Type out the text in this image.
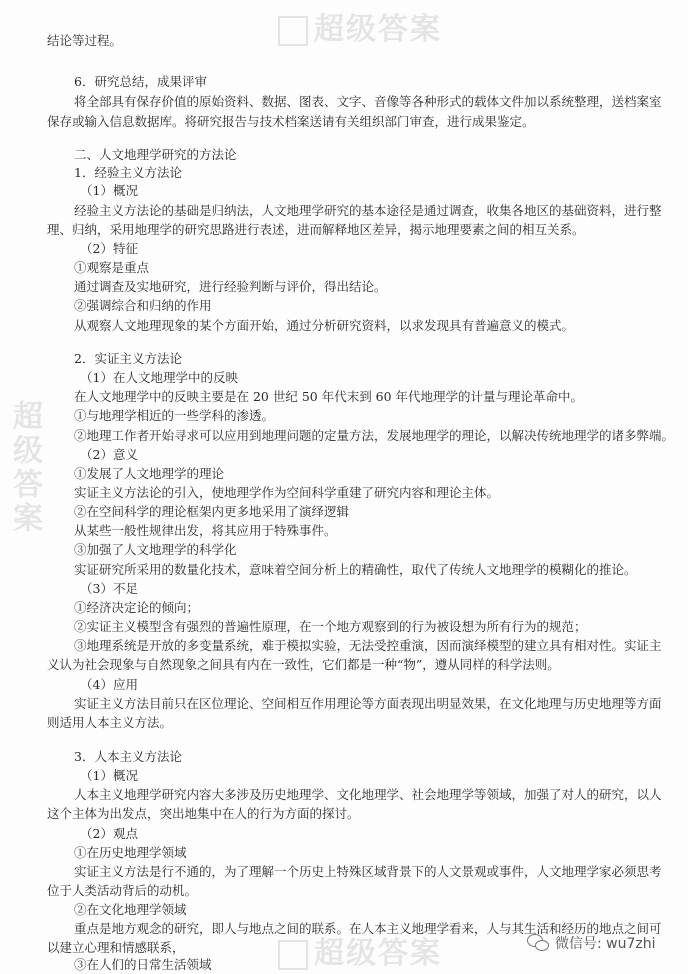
超级答案
超级答案
超级答案
结论等过程。
6．研究总结，成果评审
将全部具有保存价值的原始资料、数据、图表、文字、音像等各种形式的载体文件加以系统整理，送档案室
保存或输入信息数据库。将研究报告与技术档案送请有关组织部门审查，进行成果鉴定。
二、人文地理学研究的方法论
1．经验主义方法论
（1）概况
经验主义方法论的基础是归纳法，人文地理学研究的基本途径是通过调查，收集各地区的基础资料，进行整
理、归纳，采用地理学的研究思路进行表述，进而解释地区差异，揭示地理要素之间的相互关系。
（2）特征
①观察是重点
通过调查及实地研究，进行经验判断与评价，得出结论。
②强调综合和归纳的作用
从观察人文地理现象的某个方面开始，通过分析研究资料，以求发现具有普遍意义的模式。
2．实证主义方法论
（1）在人文地理学中的反映
在人文地理学中的反映主要是在 20 世纪 50 年代末到 60 年代地理学的计量与理论革命中。
①与地理学相近的一些学科的渗透。
②地理工作者开始寻求可以应用到地理问题的定量方法，发展地理学的理论，以解决传统地理学的诸多弊端。
（2）意义
①发展了人文地理学的理论
实证主义方法论的引入，使地理学作为空间科学重建了研究内容和理论主体。
②在空间科学的理论框架内更多地采用了演绎逻辑
从某些一般性规律出发，将其应用于特殊事件。
③加强了人文地理学的科学化
实证研究所采用的数量化技术，意味着空间分析上的精确性，取代了传统人文地理学的模糊化的推论。
（3）不足
①经济决定论的倾向；
②实证主义模型含有强烈的普遍性原理，在一个地方观察到的行为被设想为所有行为的规范；
③地理系统是开放的多变量系统，难于模拟实验，无法受控重演，因而演绎模型的建立具有相对性。实证主
义认为社会现象与自然现象之间具有内在一致性，它们都是一种“物”，遵从同样的科学法则。
（4）应用
实证主义方法目前只在区位理论、空间相互作用理论等方面表现出明显效果，在文化地理与历史地理等方面
则适用人本主义方法。
3．人本主义方法论
（1）概况
人本主义地理学研究内容大多涉及历史地理学、文化地理学、社会地理学等领域，加强了对人的研究，以人
这个主体为出发点，突出地集中在人的行为方面的探讨。
（2）观点
①在历史地理学领域
实证主义方法是行不通的，为了理解一个历史上特殊区域背景下的人文景观或事件，人文地理学家必须思考
位于人类活动背后的动机。
②在文化地理学领域
重点是地方观念的研究，即人与地点之间的联系。在人本主义地理学看来，人与其生活和经历的地点之间可
以建立心理和情感联系，
③在人们的日常生活领域
微信号: wu7zhi
